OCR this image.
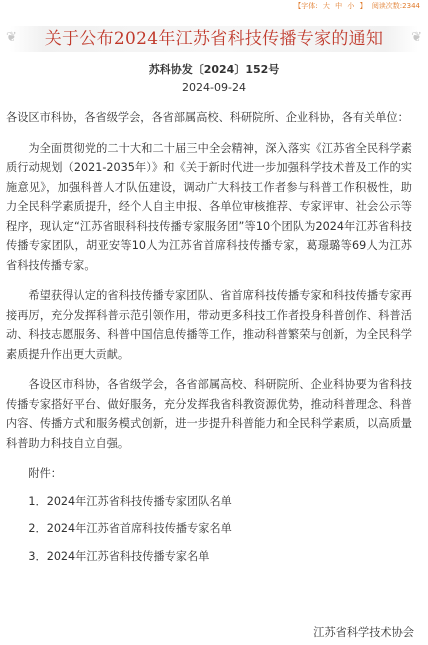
【字体: 大 中 小 】 阅读次数:2344
❦	❦
关于公布2024年江苏省科技传播专家的通知
苏科协发〔2024〕152号
2024-09-24

各设区市科协，各省级学会，各省部属高校、科研院所、企业科协，各有关单位：

为全面贯彻党的二十大和二十届三中全会精神，深入落实《江苏省全民科学素质行动规划（2021-2035年）》和《关于新时代进一步加强科学技术普及工作的实施意见》，加强科普人才队伍建设，调动广大科技工作者参与科普工作积极性，助力全民科学素质提升，经个人自主申报、各单位审核推荐、专家评审、社会公示等程序，现认定“江苏省眼科科技传播专家服务团”等10个团队为2024年江苏省科技传播专家团队，胡亚安等10人为江苏省首席科技传播专家，葛璟璐等69人为江苏省科技传播专家。

希望获得认定的省科技传播专家团队、省首席科技传播专家和科技传播专家再接再厉，充分发挥科普示范引领作用，带动更多科技工作者投身科普创作、科普活动、科技志愿服务、科普中国信息传播等工作，推动科普繁荣与创新，为全民科学素质提升作出更大贡献。

各设区市科协，各省级学会，各省部属高校、科研院所、企业科协要为省科技传播专家搭好平台、做好服务，充分发挥我省科教资源优势，推动科普理念、科普内容、传播方式和服务模式创新，进一步提升科普能力和全民科学素质，以高质量科普助力科技自立自强。

附件：

1．2024年江苏省科技传播专家团队名单
2．2024年江苏省首席科技传播专家名单
3．2024年江苏省科技传播专家名单
江苏省科学技术协会
